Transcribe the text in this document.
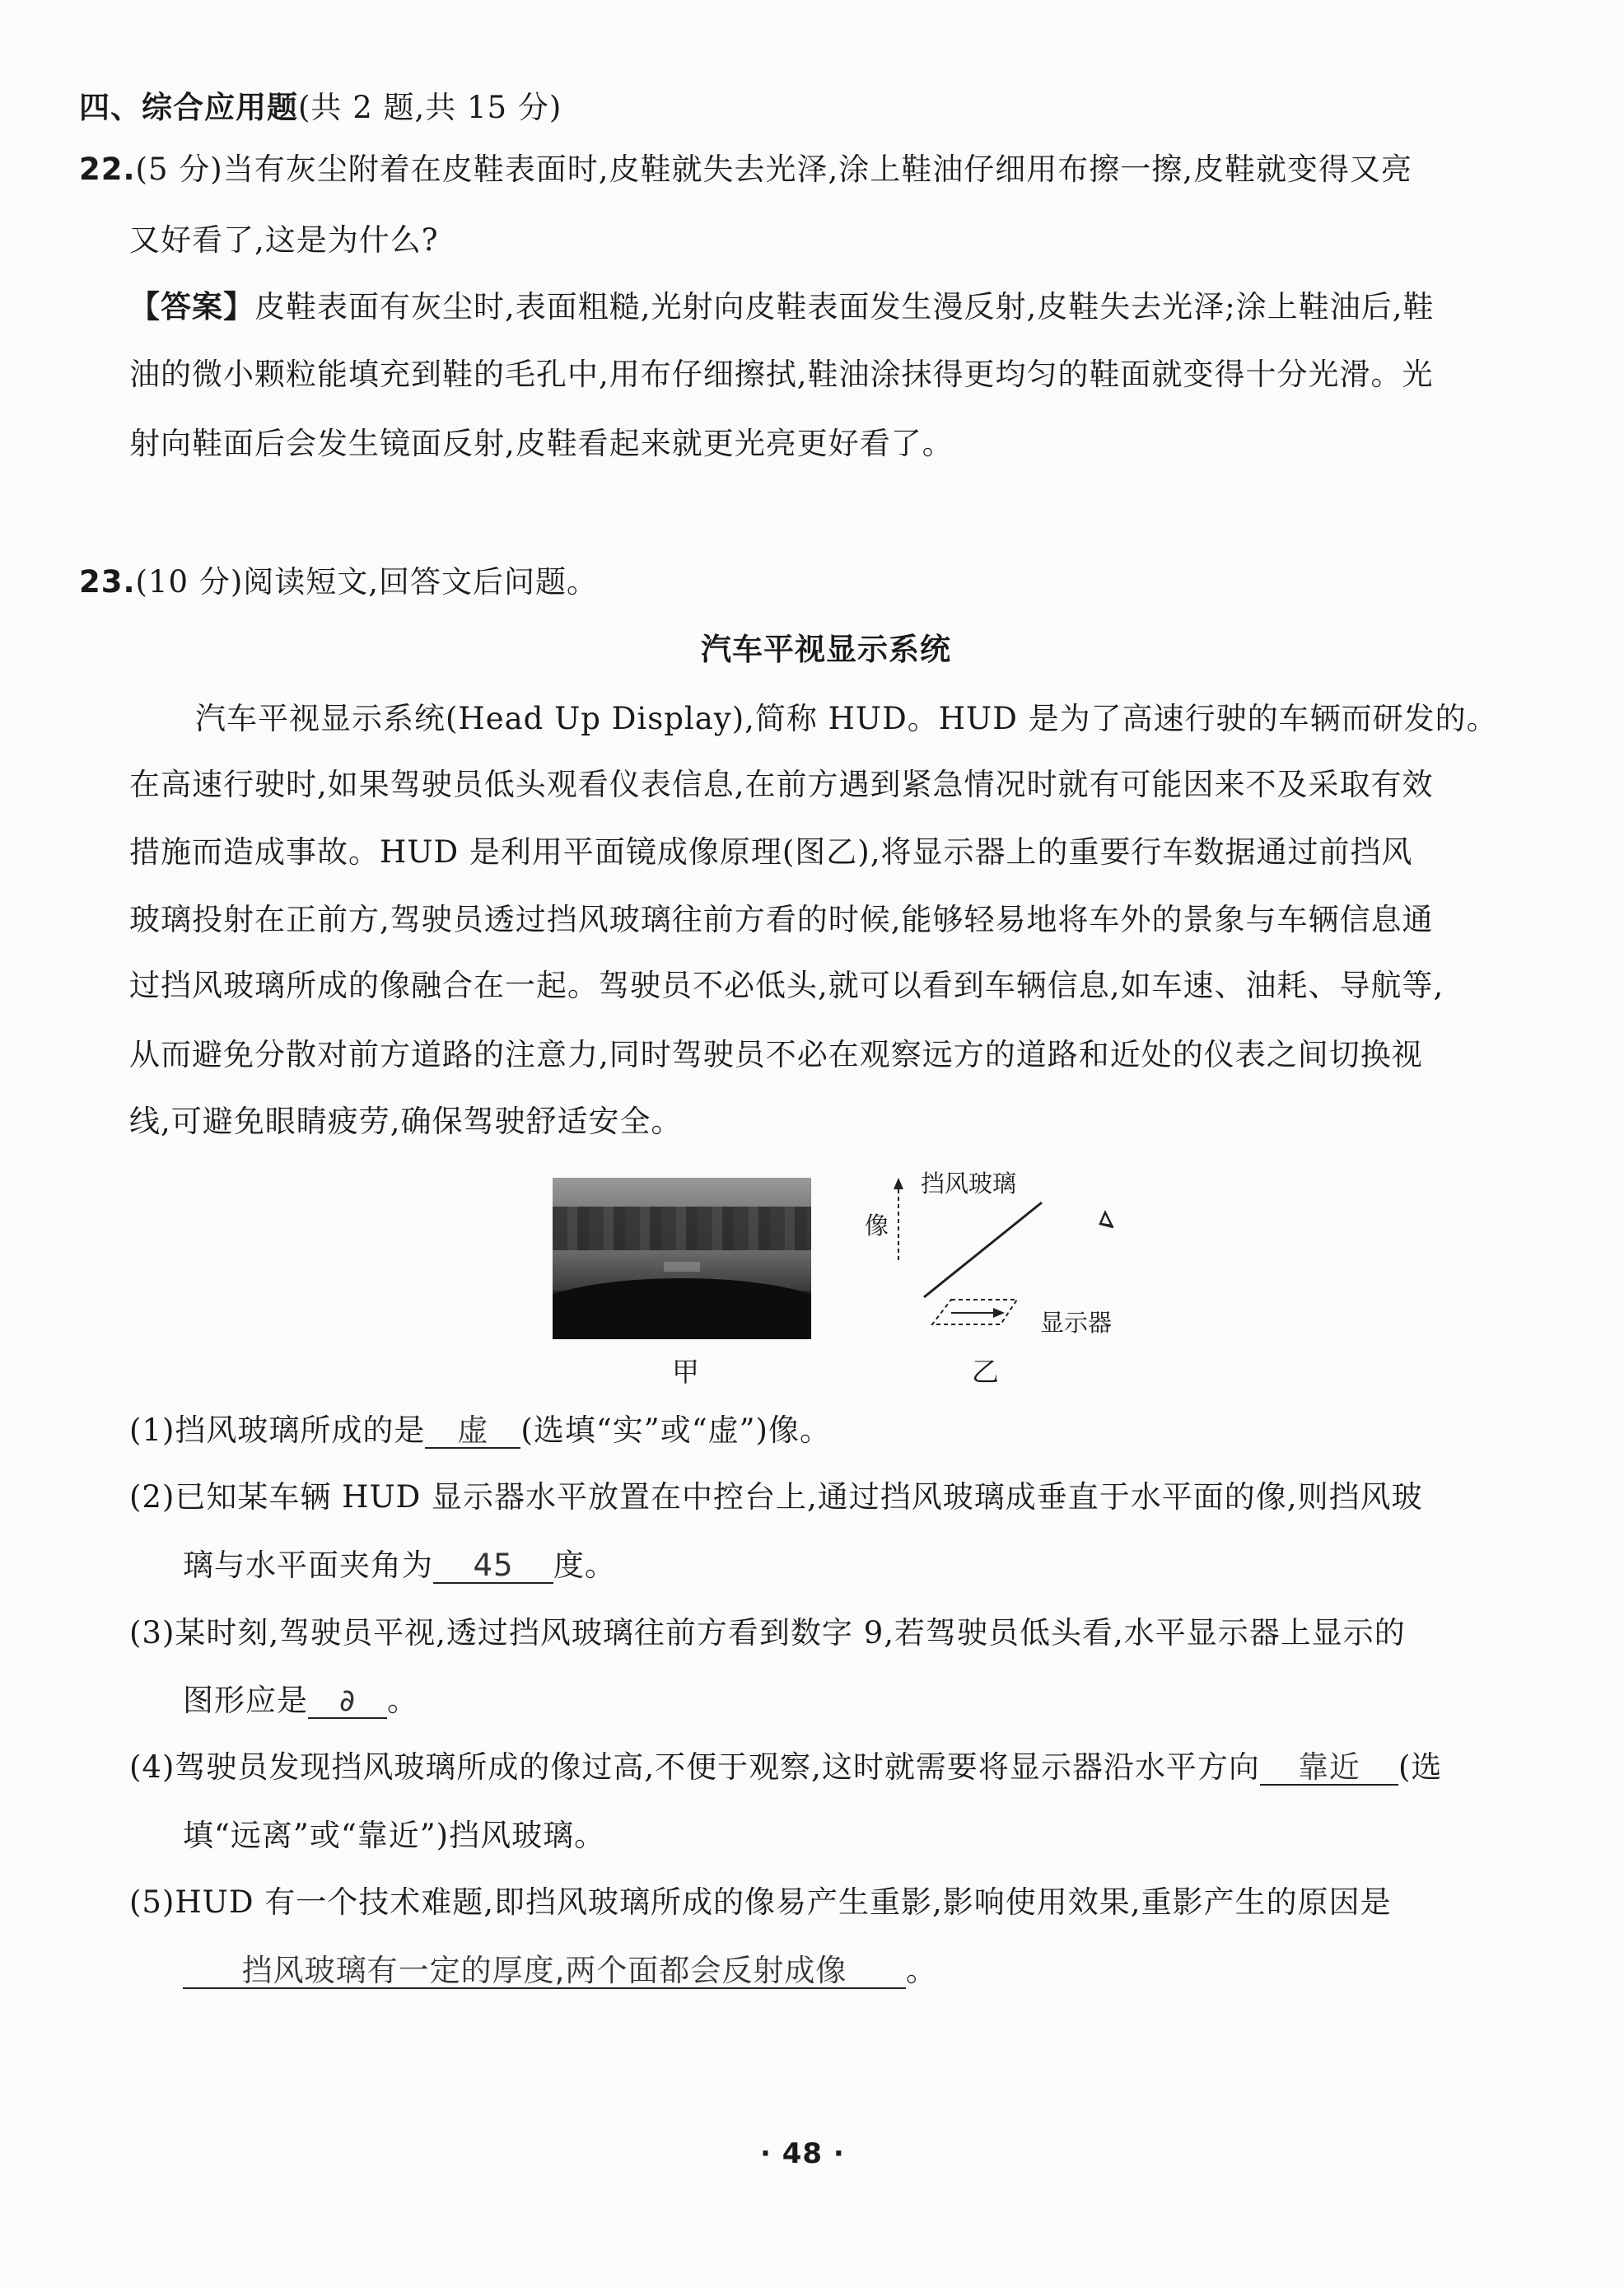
四、综合应用题(共 2 题,共 15 分)
22.(5 分)当有灰尘附着在皮鞋表面时,皮鞋就失去光泽,涂上鞋油仔细用布擦一擦,皮鞋就变得又亮
又好看了,这是为什么?
【答案】皮鞋表面有灰尘时,表面粗糙,光射向皮鞋表面发生漫反射,皮鞋失去光泽;涂上鞋油后,鞋
油的微小颗粒能填充到鞋的毛孔中,用布仔细擦拭,鞋油涂抹得更均匀的鞋面就变得十分光滑。光
射向鞋面后会发生镜面反射,皮鞋看起来就更光亮更好看了。
23.(10 分)阅读短文,回答文后问题。
汽车平视显示系统
汽车平视显示系统(Head Up Display),简称 HUD。HUD 是为了高速行驶的车辆而研发的。
在高速行驶时,如果驾驶员低头观看仪表信息,在前方遇到紧急情况时就有可能因来不及采取有效
措施而造成事故。HUD 是利用平面镜成像原理(图乙),将显示器上的重要行车数据通过前挡风
玻璃投射在正前方,驾驶员透过挡风玻璃往前方看的时候,能够轻易地将车外的景象与车辆信息通
过挡风玻璃所成的像融合在一起。驾驶员不必低头,就可以看到车辆信息,如车速、油耗、导航等,
从而避免分散对前方道路的注意力,同时驾驶员不必在观察远方的道路和近处的仪表之间切换视
线,可避免眼睛疲劳,确保驾驶舒适安全。
甲
挡风玻璃
像
显示器
乙
(1)挡风玻璃所成的是 虚 (选填“实”或“虚”)像。
(2)已知某车辆 HUD 显示器水平放置在中控台上,通过挡风玻璃成垂直于水平面的像,则挡风玻
璃与水平面夹角为 45 度。
(3)某时刻,驾驶员平视,透过挡风玻璃往前方看到数字 9,若驾驶员低头看,水平显示器上显示的
图形应是 ∂ 。
(4)驾驶员发现挡风玻璃所成的像过高,不便于观察,这时就需要将显示器沿水平方向 靠近 (选
填“远离”或“靠近”)挡风玻璃。
(5)HUD 有一个技术难题,即挡风玻璃所成的像易产生重影,影响使用效果,重影产生的原因是
挡风玻璃有一定的厚度,两个面都会反射成像 。
· 48 ·
